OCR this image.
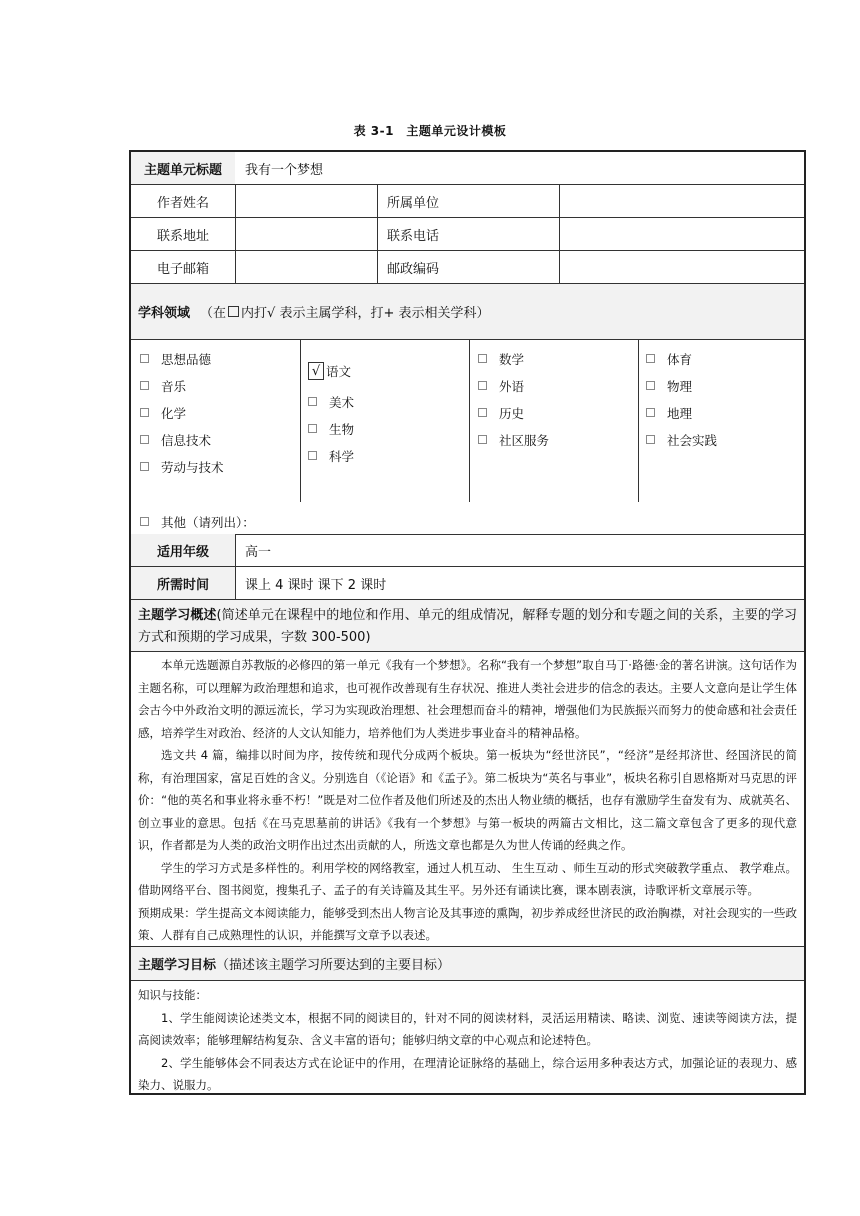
表 3-1　主题单元设计模板
主题单元标题	我有一个梦想
作者姓名	所属单位
联系地址	联系电话
电子邮箱	邮政编码
学科领域 （在 内打√ 表示主属学科，打+ 表示相关学科）
思想品德
音乐
化学
信息技术
劳动与技术
√ 语文
美术
生物
科学
数学
外语
历史
社区服务
体育
物理
地理
社会实践
其他（请列出）：
适用年级	高一
所需时间	课上 4 课时 课下 2 课时
主题学习概述(简述单元在课程中的地位和作用、单元的组成情况，解释专题的划分和专题之间的关系，主要的学习方式和预期的学习成果，字数 300-500)

本单元选题源自苏教版的必修四的第一单元《我有一个梦想》。名称“我有一个梦想”取自马丁·路德·金的著名讲演。这句话作为主题名称，可以理解为政治理想和追求，也可视作改善现有生存状况、推进人类社会进步的信念的表达。主要人文意向是让学生体会古今中外政治文明的源远流长，学习为实现政治理想、社会理想而奋斗的精神，增强他们为民族振兴而努力的使命感和社会责任感，培养学生对政治、经济的人文认知能力，培养他们为人类进步事业奋斗的精神品格。

选文共 4 篇，编排以时间为序，按传统和现代分成两个板块。第一板块为“经世济民”，“经济”是经邦济世、经国济民的简称，有治理国家，富足百姓的含义。分别选自（《论语》和《孟子》。第二板块为“英名与事业”，板块名称引自恩格斯对马克思的评价：“他的英名和事业将永垂不朽！”既是对二位作者及他们所述及的杰出人物业绩的概括，也存有激励学生奋发有为、成就英名、创立事业的意思。包括《在马克思墓前的讲话》《我有一个梦想》与第一板块的两篇古文相比，这二篇文章包含了更多的现代意识，作者都是为人类的政治文明作出过杰出贡献的人，所选文章也都是久为世人传诵的经典之作。

学生的学习方式是多样性的。利用学校的网络教室，通过人机互动、 生生互动 、师生互动的形式突破教学重点、 教学难点。借助网络平台、图书阅览，搜集孔子、孟子的有关诗篇及其生平。另外还有诵读比赛，课本剧表演，诗歌评析文章展示等。

预期成果：学生提高文本阅读能力，能够受到杰出人物言论及其事迹的熏陶，初步养成经世济民的政治胸襟，对社会现实的一些政策、人群有自己成熟理性的认识，并能撰写文章予以表述。

主题学习目标 （描述该主题学习所要达到的主要目标）

知识与技能：

1、学生能阅读论述类文本，根据不同的阅读目的，针对不同的阅读材料，灵活运用精读、略读、浏览、速读等阅读方法，提高阅读效率；能够理解结构复杂、含义丰富的语句；能够归纳文章的中心观点和论述特色。

2、学生能够体会不同表达方式在论证中的作用，在理清论证脉络的基础上，综合运用多种表达方式，加强论证的表现力、感染力、说服力。
